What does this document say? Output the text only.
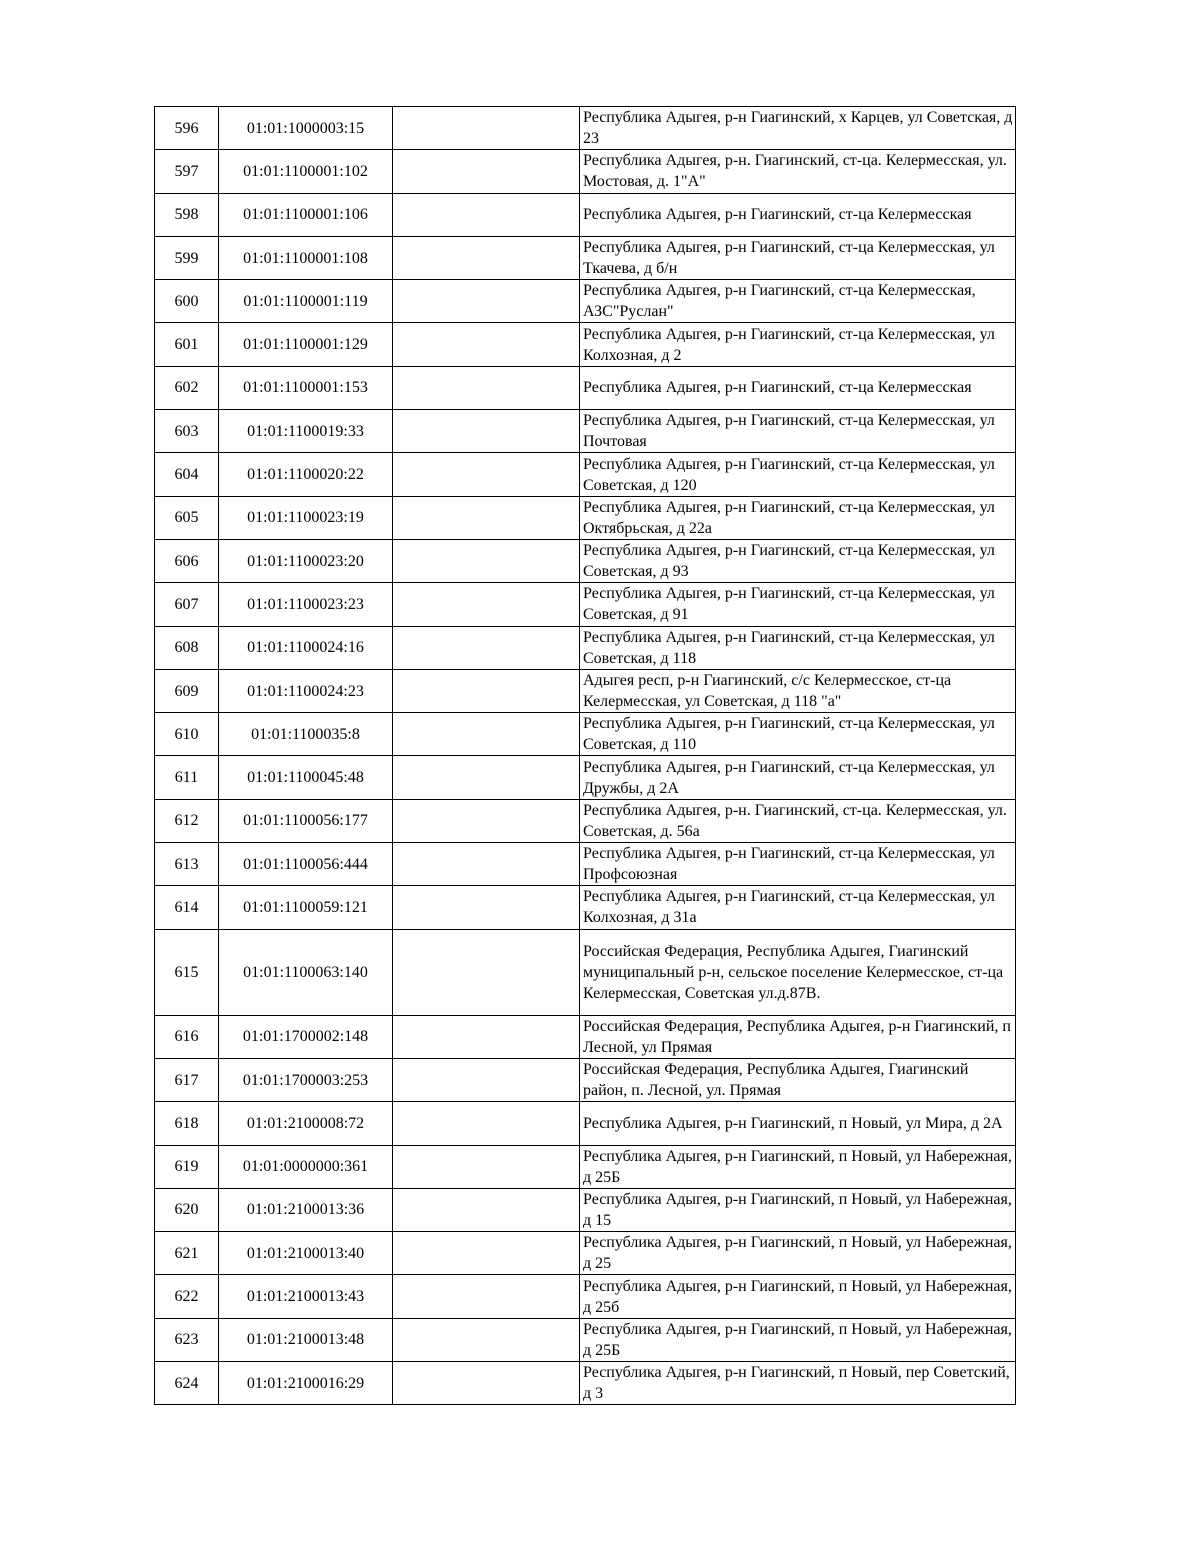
596	01:01:1000003:15		Республика Адыгея, р-н Гиагинский, х Карцев, ул Советская, д 23
597	01:01:1100001:102		Республика Адыгея, р-н. Гиагинский, ст-ца. Келермесская, ул. Мостовая, д. 1"А"
598	01:01:1100001:106		Республика Адыгея, р-н Гиагинский, ст-ца Келермесская
599	01:01:1100001:108		Республика Адыгея, р-н Гиагинский, ст-ца Келермесская, ул Ткачева, д б/н
600	01:01:1100001:119		Республика Адыгея, р-н Гиагинский, ст-ца Келермесская, АЗС"Руслан"
601	01:01:1100001:129		Республика Адыгея, р-н Гиагинский, ст-ца Келермесская, ул Колхозная, д 2
602	01:01:1100001:153		Республика Адыгея, р-н Гиагинский, ст-ца Келермесская
603	01:01:1100019:33		Республика Адыгея, р-н Гиагинский, ст-ца Келермесская, ул Почтовая
604	01:01:1100020:22		Республика Адыгея, р-н Гиагинский, ст-ца Келермесская, ул Советская, д 120
605	01:01:1100023:19		Республика Адыгея, р-н Гиагинский, ст-ца Келермесская, ул Октябрьская, д 22а
606	01:01:1100023:20		Республика Адыгея, р-н Гиагинский, ст-ца Келермесская, ул Советская, д 93
607	01:01:1100023:23		Республика Адыгея, р-н Гиагинский, ст-ца Келермесская, ул Советская, д 91
608	01:01:1100024:16		Республика Адыгея, р-н Гиагинский, ст-ца Келермесская, ул Советская, д 118
609	01:01:1100024:23		Адыгея респ, р-н Гиагинский, с/с Келермесское, ст-ца Келермесская, ул Советская, д 118 "а"
610	01:01:1100035:8		Республика Адыгея, р-н Гиагинский, ст-ца Келермесская, ул Советская, д 110
611	01:01:1100045:48		Республика Адыгея, р-н Гиагинский, ст-ца Келермесская, ул Дружбы, д 2А
612	01:01:1100056:177		Республика Адыгея, р-н. Гиагинский, ст-ца. Келермесская, ул. Советская, д. 56а
613	01:01:1100056:444		Республика Адыгея, р-н Гиагинский, ст-ца Келермесская, ул Профсоюзная
614	01:01:1100059:121		Республика Адыгея, р-н Гиагинский, ст-ца Келермесская, ул Колхозная, д 31а
615	01:01:1100063:140		Российская Федерация, Республика Адыгея, Гиагинский муниципальный р-н, сельское поселение Келермесское, ст-ца Келермесская, Советская ул.д.87В.
616	01:01:1700002:148		Российская Федерация, Республика Адыгея, р-н Гиагинский, п Лесной, ул Прямая
617	01:01:1700003:253		Российская Федерация, Республика Адыгея, Гиагинский район, п. Лесной, ул. Прямая
618	01:01:2100008:72		Республика Адыгея, р-н Гиагинский, п Новый, ул Мира, д 2А
619	01:01:0000000:361		Республика Адыгея, р-н Гиагинский, п Новый, ул Набережная, д 25Б
620	01:01:2100013:36		Республика Адыгея, р-н Гиагинский, п Новый, ул Набережная, д 15
621	01:01:2100013:40		Республика Адыгея, р-н Гиагинский, п Новый, ул Набережная, д 25
622	01:01:2100013:43		Республика Адыгея, р-н Гиагинский, п Новый, ул Набережная, д 25б
623	01:01:2100013:48		Республика Адыгея, р-н Гиагинский, п Новый, ул Набережная, д 25Б
624	01:01:2100016:29		Республика Адыгея, р-н Гиагинский, п Новый, пер Советский, д 3
